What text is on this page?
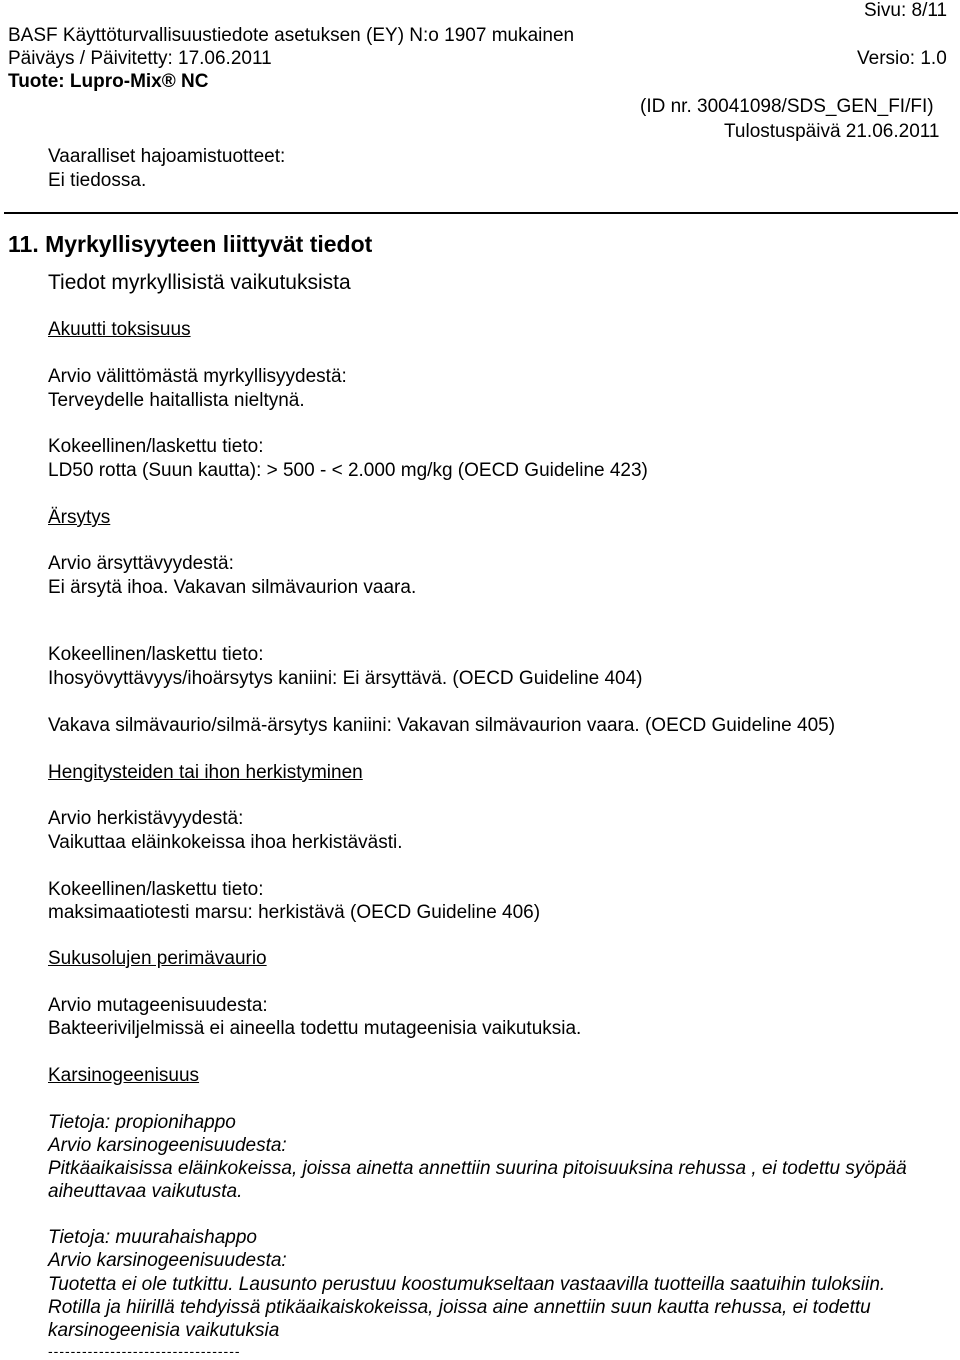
Sivu: 8/11
BASF Käyttöturvallisuustiedote asetuksen (EY) N:o 1907 mukainen
Päiväys / Päivitetty: 17.06.2011	Versio: 1.0
Tuote: Lupro-Mix® NC
(ID nr. 30041098/SDS_GEN_FI/FI)
Tulostuspäivä 21.06.2011
Vaaralliset hajoamistuotteet:
Ei tiedossa.
11. Myrkyllisyyteen liittyvät tiedot
Tiedot myrkyllisistä vaikutuksista
Akuutti toksisuus
Arvio välittömästä myrkyllisyydestä:
Terveydelle haitallista nieltynä.
Kokeellinen/laskettu tieto:
LD50 rotta (Suun kautta): > 500 - < 2.000 mg/kg (OECD Guideline 423)
Ärsytys
Arvio ärsyttävyydestä:
Ei ärsytä ihoa. Vakavan silmävaurion vaara.
Kokeellinen/laskettu tieto:
Ihosyövyttävyys/ihoärsytys kaniini: Ei ärsyttävä. (OECD Guideline 404)
Vakava silmävaurio/silmä-ärsytys kaniini: Vakavan silmävaurion vaara. (OECD Guideline 405)
Hengitysteiden tai ihon herkistyminen
Arvio herkistävyydestä:
Vaikuttaa eläinkokeissa ihoa herkistävästi.
Kokeellinen/laskettu tieto:
maksimaatiotesti marsu: herkistävä (OECD Guideline 406)
Sukusolujen perimävaurio
Arvio mutageenisuudesta:
Bakteeriviljelmissä ei aineella todettu mutageenisia vaikutuksia.
Karsinogeenisuus
Tietoja: propionihappo
Arvio karsinogeenisuudesta:
Pitkäaikaisissa eläinkokeissa, joissa ainetta annettiin suurina pitoisuuksina rehussa , ei todettu syöpää
aiheuttavaa vaikutusta.
Tietoja: muurahaishappo
Arvio karsinogeenisuudesta:
Tuotetta ei ole tutkittu. Lausunto perustuu koostumukseltaan vastaavilla tuotteilla saatuihin tuloksiin.
Rotilla ja hiirillä tehdyissä ptikäaikaiskokeissa, joissa aine annettiin suun kautta rehussa, ei todettu
karsinogeenisia vaikutuksia
----------------------------------
